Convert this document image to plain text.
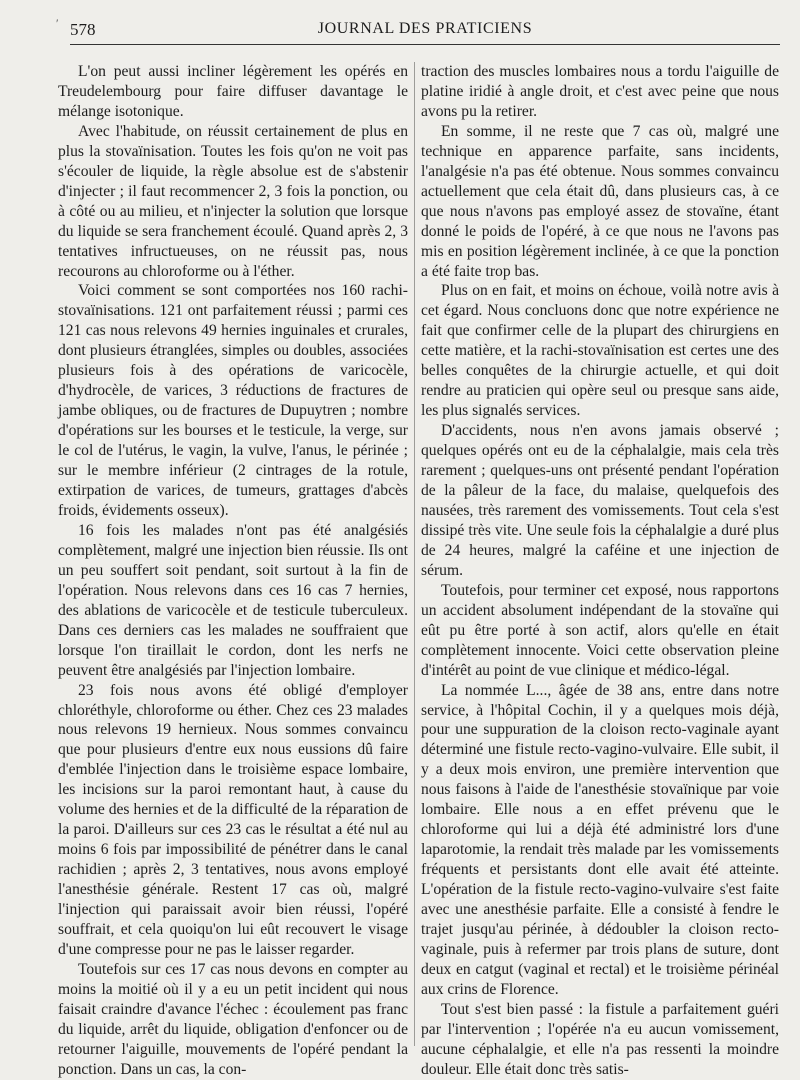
′ 578	JOURNAL DES PRATICIENS

L'on peut aussi incliner légèrement les opérés en Treudelembourg pour faire diffuser davantage le mélange isotonique.

Avec l'habitude, on réussit certainement de plus en plus la stovaïnisation. Toutes les fois qu'on ne voit pas s'écouler de liquide, la règle absolue est de s'abstenir d'injecter ; il faut recommencer 2, 3 fois la ponction, ou à côté ou au milieu, et n'injecter la solution que lorsque du liquide se sera franchement écoulé. Quand après 2, 3 tentatives infructueuses, on ne réussit pas, nous recourons au chloroforme ou à l'éther.

Voici comment se sont comportées nos 160 rachi-stovaïnisations. 121 ont parfaitement réussi ; parmi ces 121 cas nous relevons 49 hernies inguinales et crurales, dont plusieurs étranglées, simples ou doubles, associées plusieurs fois à des opérations de varicocèle, d'hydrocèle, de varices, 3 réductions de fractures de jambe obliques, ou de fractures de Dupuytren ; nombre d'opérations sur les bourses et le testicule, la verge, sur le col de l'utérus, le vagin, la vulve, l'anus, le périnée ; sur le membre inférieur (2 cintrages de la rotule, extirpation de varices, de tumeurs, grattages d'abcès froids, évidements osseux).

16 fois les malades n'ont pas été analgésiés complètement, malgré une injection bien réussie. Ils ont un peu souffert soit pendant, soit surtout à la fin de l'opération. Nous relevons dans ces 16 cas 7 hernies, des ablations de varicocèle et de testicule tuberculeux. Dans ces derniers cas les malades ne souffraient que lorsque l'on tiraillait le cordon, dont les nerfs ne peuvent être analgésiés par l'injection lombaire.

23 fois nous avons été obligé d'employer chloréthyle, chloroforme ou éther. Chez ces 23 malades nous relevons 19 hernieux. Nous sommes convaincu que pour plusieurs d'entre eux nous eussions dû faire d'emblée l'injection dans le troisième espace lombaire, les incisions sur la paroi remontant haut, à cause du volume des hernies et de la difficulté de la réparation de la paroi. D'ailleurs sur ces 23 cas le résultat a été nul au moins 6 fois par impossibilité de pénétrer dans le canal rachidien ; après 2, 3 tentatives, nous avons employé l'anesthésie générale. Restent 17 cas où, malgré l'injection qui paraissait avoir bien réussi, l'opéré souffrait, et cela quoiqu'on lui eût recouvert le visage d'une compresse pour ne pas le laisser regarder.

Toutefois sur ces 17 cas nous devons en compter au moins la moitié où il y a eu un petit incident qui nous faisait craindre d'avance l'échec : écoulement pas franc du liquide, arrêt du liquide, obligation d'enfoncer ou de retourner l'aiguille, mouvements de l'opéré pendant la ponction. Dans un cas, la con-

traction des muscles lombaires nous a tordu l'aiguille de platine iridié à angle droit, et c'est avec peine que nous avons pu la retirer.

En somme, il ne reste que 7 cas où, malgré une technique en apparence parfaite, sans incidents, l'analgésie n'a pas été obtenue. Nous sommes convaincu actuellement que cela était dû, dans plusieurs cas, à ce que nous n'avons pas employé assez de stovaïne, étant donné le poids de l'opéré, à ce que nous ne l'avons pas mis en position légèrement inclinée, à ce que la ponction a été faite trop bas.

Plus on en fait, et moins on échoue, voilà notre avis à cet égard. Nous concluons donc que notre expérience ne fait que confirmer celle de la plupart des chirurgiens en cette matière, et la rachi-stovaïnisation est certes une des belles conquêtes de la chirurgie actuelle, et qui doit rendre au praticien qui opère seul ou presque sans aide, les plus signalés services.

D'accidents, nous n'en avons jamais observé ; quelques opérés ont eu de la céphalalgie, mais cela très rarement ; quelques-uns ont présenté pendant l'opération de la pâleur de la face, du malaise, quelquefois des nausées, très rarement des vomissements. Tout cela s'est dissipé très vite. Une seule fois la céphalalgie a duré plus de 24 heures, malgré la caféine et une injection de sérum.

Toutefois, pour terminer cet exposé, nous rapportons un accident absolument indépendant de la stovaïne qui eût pu être porté à son actif, alors qu'elle en était complètement innocente. Voici cette observation pleine d'intérêt au point de vue clinique et médico-légal.

La nommée L..., âgée de 38 ans, entre dans notre service, à l'hôpital Cochin, il y a quelques mois déjà, pour une suppuration de la cloison recto-vaginale ayant déterminé une fistule recto-vagino-vulvaire. Elle subit, il y a deux mois environ, une première intervention que nous faisons à l'aide de l'anesthésie stovaïnique par voie lombaire. Elle nous a en effet prévenu que le chloroforme qui lui a déjà été administré lors d'une laparotomie, la rendait très malade par les vomissements fréquents et persistants dont elle avait été atteinte. L'opération de la fistule recto-vagino-vulvaire s'est faite avec une anesthésie parfaite. Elle a consisté à fendre le trajet jusqu'au périnée, à dédoubler la cloison recto-vaginale, puis à refermer par trois plans de suture, dont deux en catgut (vaginal et rectal) et le troisième périnéal aux crins de Florence.

Tout s'est bien passé : la fistule a parfaitement guéri par l'intervention ; l'opérée n'a eu aucun vomissement, aucune céphalalgie, et elle n'a pas ressenti la moindre douleur. Elle était donc très satis-
